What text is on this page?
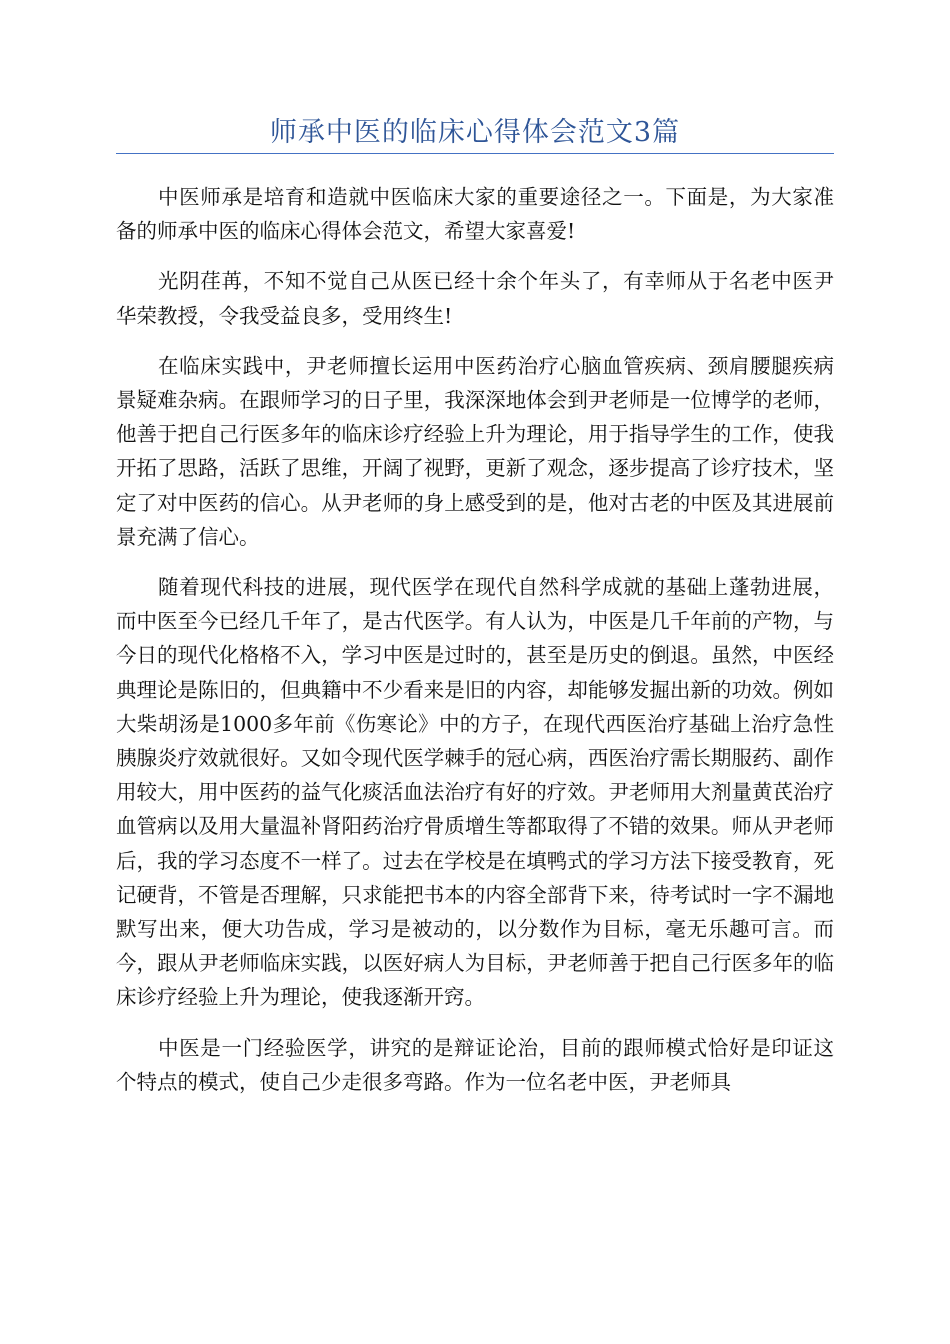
师承中医的临床心得体会范文3篇

中医师承是培育和造就中医临床大家的重要途径之一。下面是，为大家准备的师承中医的临床心得体会范文，希望大家喜爱!

光阴荏苒，不知不觉自己从医已经十余个年头了，有幸师从于名老中医尹华荣教授，令我受益良多，受用终生!

在临床实践中，尹老师擅长运用中医药治疗心脑血管疾病、颈肩腰腿疾病景疑难杂病。在跟师学习的日子里，我深深地体会到尹老师是一位博学的老师，他善于把自己行医多年的临床诊疗经验上升为理论，用于指导学生的工作，使我开拓了思路，活跃了思维，开阔了视野，更新了观念，逐步提高了诊疗技术，坚定了对中医药的信心。从尹老师的身上感受到的是，他对古老的中医及其进展前景充满了信心。

随着现代科技的进展，现代医学在现代自然科学成就的基础上蓬勃进展，而中医至今已经几千年了，是古代医学。有人认为，中医是几千年前的产物，与今日的现代化格格不入，学习中医是过时的，甚至是历史的倒退。虽然，中医经典理论是陈旧的，但典籍中不少看来是旧的内容，却能够发掘出新的功效。例如大柴胡汤是1000多年前《伤寒论》中的方子，在现代西医治疗基础上治疗急性胰腺炎疗效就很好。又如令现代医学棘手的冠心病，西医治疗需长期服药、副作用较大，用中医药的益气化痰活血法治疗有好的疗效。尹老师用大剂量黄芪治疗血管病以及用大量温补肾阳药治疗骨质增生等都取得了不错的效果。师从尹老师后，我的学习态度不一样了。过去在学校是在填鸭式的学习方法下接受教育，死记硬背，不管是否理解，只求能把书本的内容全部背下来，待考试时一字不漏地默写出来，便大功告成，学习是被动的，以分数作为目标，毫无乐趣可言。而今，跟从尹老师临床实践，以医好病人为目标，尹老师善于把自己行医多年的临床诊疗经验上升为理论，使我逐渐开窍。

中医是一门经验医学，讲究的是辩证论治，目前的跟师模式恰好是印证这个特点的模式，使自己少走很多弯路。作为一位名老中医，尹老师具
